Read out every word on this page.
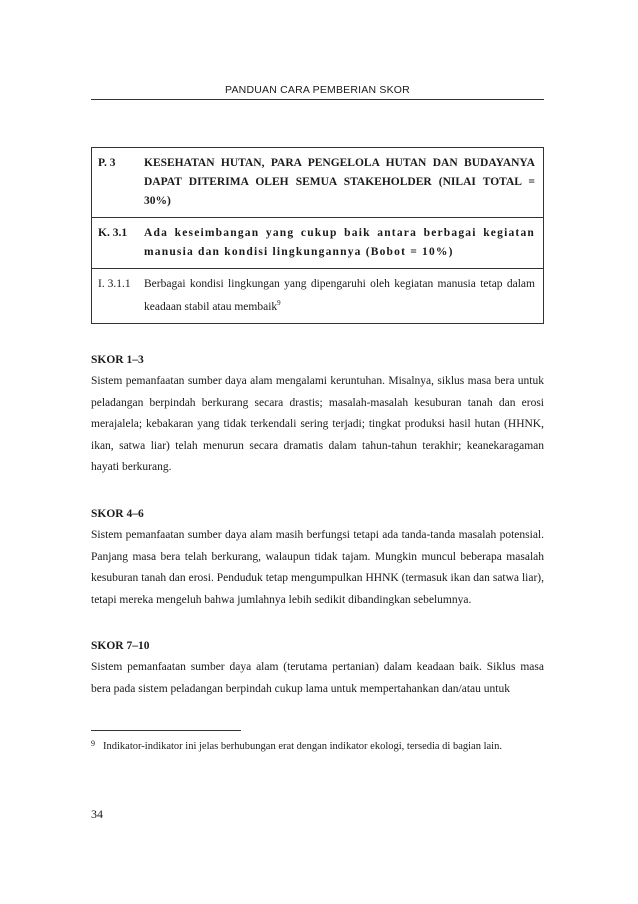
PANDUAN CARA PEMBERIAN SKOR
P. 3	KESEHATAN HUTAN, PARA PENGELOLA HUTAN DAN BUDAYANYA DAPAT DITERIMA OLEH SEMUA STAKEHOLDER (NILAI TOTAL = 30%)
K. 3.1	Ada keseimbangan yang cukup baik antara berbagai kegiatan manusia dan kondisi lingkungannya (Bobot = 10%)
I. 3.1.1	Berbagai kondisi lingkungan yang dipengaruhi oleh kegiatan manusia tetap dalam keadaan stabil atau membaik$^9$
SKOR 1–3

Sistem pemanfaatan sumber daya alam mengalami keruntuhan. Misalnya, siklus masa bera untuk peladangan berpindah berkurang secara drastis; masalah-masalah kesuburan tanah dan erosi merajalela; kebakaran yang tidak terkendali sering terjadi; tingkat produksi hasil hutan (HHNK, ikan, satwa liar) telah menurun secara dramatis dalam tahun-tahun terakhir; keanekaragaman hayati berkurang.

SKOR 4–6

Sistem pemanfaatan sumber daya alam masih berfungsi tetapi ada tanda-tanda masalah potensial. Panjang masa bera telah berkurang, walaupun tidak tajam. Mungkin muncul beberapa masalah kesuburan tanah dan erosi. Penduduk tetap mengumpulkan HHNK (termasuk ikan dan satwa liar), tetapi mereka mengeluh bahwa jumlahnya lebih sedikit dibandingkan sebelumnya.

SKOR 7–10

Sistem pemanfaatan sumber daya alam (terutama pertanian) dalam keadaan baik. Siklus masa bera pada sistem peladangan berpindah cukup lama untuk mempertahankan dan/atau untuk

9 Indikator-indikator ini jelas berhubungan erat dengan indikator ekologi, tersedia di bagian lain.
34
